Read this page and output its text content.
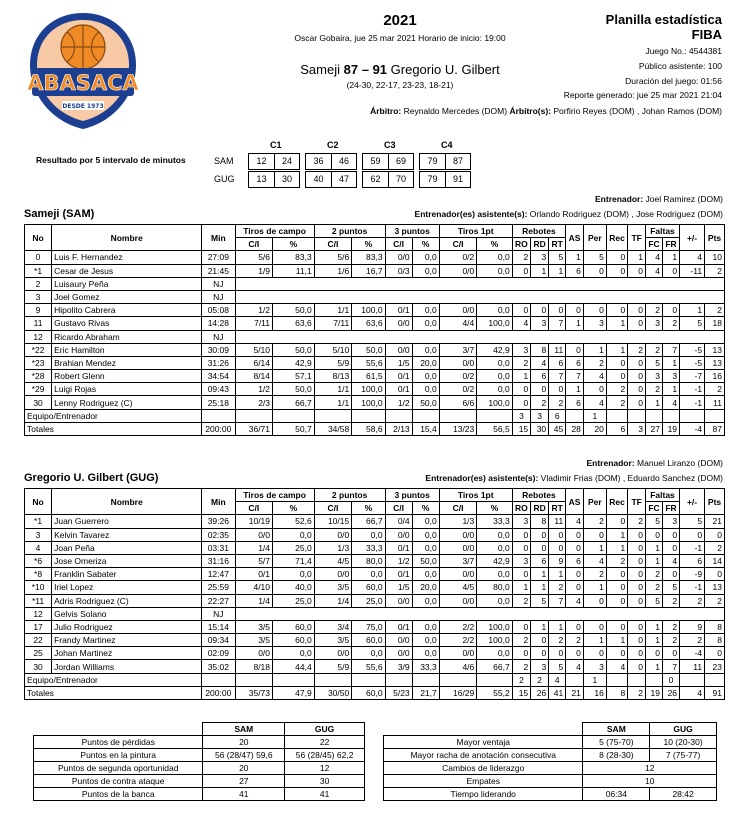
ABASACA
DESDE 1973
2021
Oscar Gobaira, jue 25 mar 2021 Horario de inicio: 19:00
Sameji 87 – 91 Gregorio U. Gilbert
(24-30, 22-17, 23-23, 18-21)
Árbitro: Reynaldo Mercedes (DOM) Árbitro(s): Porfirio Reyes (DOM) , Johan Ramos (DOM)
Planilla estadística
FIBA
Juego No.: 4544381
Público asistente: 100
Duración del juego: 01:56
Reporte generado: jue 25 mar 2021 21:04
Resultado por 5 intervalo de minutos
C1	C2	C3	C4
SAM	12	24	36	46	59	69	79	87
GUG	13	30	40	47	62	70	79	91
Entrenador: Joel Ramirez (DOM)
Sameji (SAM)	Entrenador(es) asistente(s): Orlando Rodriguez (DOM) , Jose Rodriguez (DOM)
No	Nombre	Min	Tiros de campo		2 puntos		3 puntos		Tiros 1pt		Rebotes			AS	Per	Rec	TF	Faltas		+/-	Pts
			C/I	%	C/I	%	C/I	%	C/I	%	RO	RD	RT					FC	FR		
0	Luis F. Hernandez	27:09	5/6	83,3	5/6	83,3	0/0	0,0	0/2	0,0	2	3	5	1	5	0	1	4	1	4	10
*1	Cesar de Jesus	21:45	1/9	11,1	1/6	16,7	0/3	0,0	0/0	0,0	0	1	1	6	0	0	0	4	0	-11	2
2	Luisaury Peña	NJ																			
3	Joel Gomez	NJ																			
9	Hipolito Cabrera	05:08	1/2	50,0	1/1	100,0	0/1	0,0	0/0	0,0	0	0	0	0	0	0	0	2	0	1	2
11	Gustavo Rivas	14:28	7/11	63,6	7/11	63,6	0/0	0,0	4/4	100,0	4	3	7	1	3	1	0	3	2	5	18
12	Ricardo Abraham	NJ																			
*22	Eric Hamilton	30:09	5/10	50,0	5/10	50,0	0/0	0,0	3/7	42,9	3	8	11	0	1	1	2	2	7	-5	13
*23	Brahian Mendez	31:26	6/14	42,9	5/9	55,6	1/5	20,0	0/0	0,0	2	4	6	6	2	0	0	5	1	-5	13
*28	Robert Glenn	34:54	8/14	57,1	8/13	61,5	0/1	0,0	0/2	0,0	1	6	7	7	4	0	0	3	3	-7	16
*29	Luigi Rojas	09:43	1/2	50,0	1/1	100,0	0/1	0,0	0/2	0,0	0	0	0	1	0	2	0	2	1	-1	2
30	Lenny Rodriguez (C)	25:18	2/3	66,7	1/1	100,0	1/2	50,0	6/6	100,0	0	2	2	6	4	2	0	1	4	-1	11
Equipo/Entrenador											3	3	6		1						
Totales		200:00	36/71	50,7	34/58	58,6	2/13	15,4	13/23	56,5	15	30	45	28	20	6	3	27	19	-4	87
Entrenador: Manuel Liranzo (DOM)
Gregorio U. Gilbert (GUG)	Entrenador(es) asistente(s): Vladimir Frias (DOM) , Eduardo Sanchez (DOM)
No	Nombre	Min	Tiros de campo		2 puntos		3 puntos		Tiros 1pt		Rebotes			AS	Per	Rec	TF	Faltas		+/-	Pts
			C/I	%	C/I	%	C/I	%	C/I	%	RO	RD	RT					FC	FR		
*1	Juan Guerrero	39:26	10/19	52,6	10/15	66,7	0/4	0,0	1/3	33,3	3	8	11	4	2	0	2	5	3	5	21
3	Kelvin Tavarez	02:35	0/0	0,0	0/0	0,0	0/0	0,0	0/0	0,0	0	0	0	0	0	1	0	0	0	0	0
4	Joan Peña	03:31	1/4	25,0	1/3	33,3	0/1	0,0	0/0	0,0	0	0	0	0	1	1	0	1	0	-1	2
*6	Jose Omeriza	31:16	5/7	71,4	4/5	80,0	1/2	50,0	3/7	42,9	3	6	9	6	4	2	0	1	4	6	14
*8	Franklin Sabater	12:47	0/1	0,0	0/0	0,0	0/1	0,0	0/0	0,0	0	1	1	0	2	0	0	2	0	-9	0
*10	Iriel Lopez	25:59	4/10	40,0	3/5	60,0	1/5	20,0	4/5	80,0	1	1	2	0	1	0	0	2	5	-1	13
*11	Adris Rodriguez (C)	22:27	1/4	25,0	1/4	25,0	0/0	0,0	0/0	0,0	2	5	7	4	0	0	0	5	2	2	2
12	Gelvis Solano	NJ																			
17	Julio Rodriguez	15:14	3/5	60,0	3/4	75,0	0/1	0,0	2/2	100,0	0	1	1	0	0	0	0	1	2	9	8
22	Frandy Martinez	09:34	3/5	60,0	3/5	60,0	0/0	0,0	2/2	100,0	2	0	2	2	1	1	0	1	2	2	8
25	Johan Martinez	02:09	0/0	0,0	0/0	0,0	0/0	0,0	0/0	0,0	0	0	0	0	0	0	0	0	0	-4	0
30	Jordan Williams	35:02	8/18	44,4	5/9	55,6	3/9	33,3	4/6	66,7	2	3	5	4	3	4	0	1	7	11	23
Equipo/Entrenador											2	2	4		1				0		
Totales		200:00	35/73	47,9	30/50	60,0	5/23	21,7	16/29	55,2	15	26	41	21	16	8	2	19	26	4	91
	SAM	GUG
Puntos de pérdidas	20	22
Puntos en la pintura	56 (28/47) 59,6	56 (28/45) 62,2
Puntos de segunda oportunidad	20	12
Puntos de contra ataque	27	30
Puntos de la banca	41	41
	SAM	GUG
Mayor ventaja	5 (75-70)	10 (20-30)
Mayor racha de anotación consecutiva	8 (28-30)	7 (75-77)
Cambios de liderazgo	12	
Empates	10	
Tiempo liderando	06:34	28:42
